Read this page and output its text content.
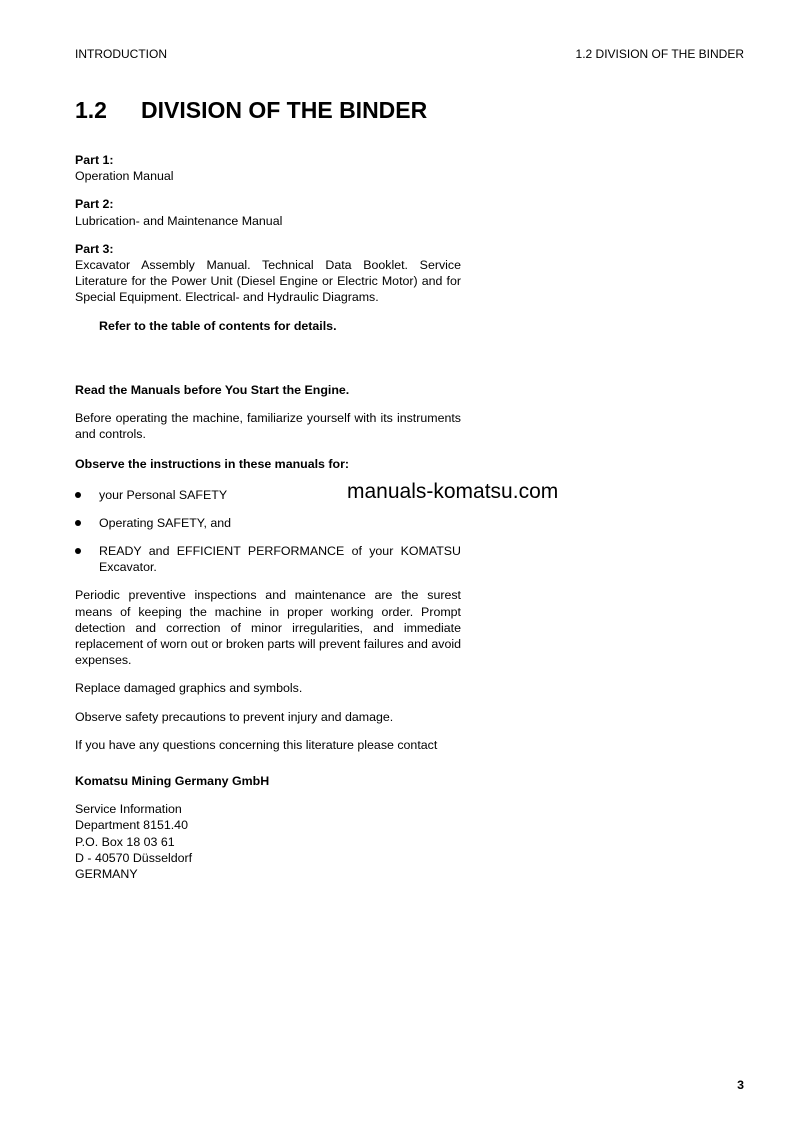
INTRODUCTION	1.2 DIVISION OF THE BINDER
1.2 DIVISION OF THE BINDER

Part 1:

Operation Manual

Part 2:

Lubrication- and Maintenance Manual

Part 3:

Excavator Assembly Manual. Technical Data Booklet. Service Literature for the Power Unit (Diesel Engine or Electric Motor) and for Special Equipment. Electrical- and Hydraulic Diagrams.

Refer to the table of contents for details.

Read the Manuals before You Start the Engine.

Before operating the machine, familiarize yourself with its instruments and controls.

Observe the instructions in these manuals for:

your Personal SAFETY
Operating SAFETY, and
READY and EFFICIENT PERFORMANCE of your KOMATSU Excavator.

Periodic preventive inspections and maintenance are the surest means of keeping the machine in proper working order. Prompt detection and correction of minor irregularities, and immediate replacement of worn out or broken parts will prevent failures and avoid expenses.

Replace damaged graphics and symbols.

Observe safety precautions to prevent injury and damage.

If you have any questions concerning this literature please contact

Komatsu Mining Germany GmbH

Service Information

Department 8151.40

P.O. Box 18 03 61

D - 40570 Düsseldorf

GERMANY

manuals-komatsu.com
3
